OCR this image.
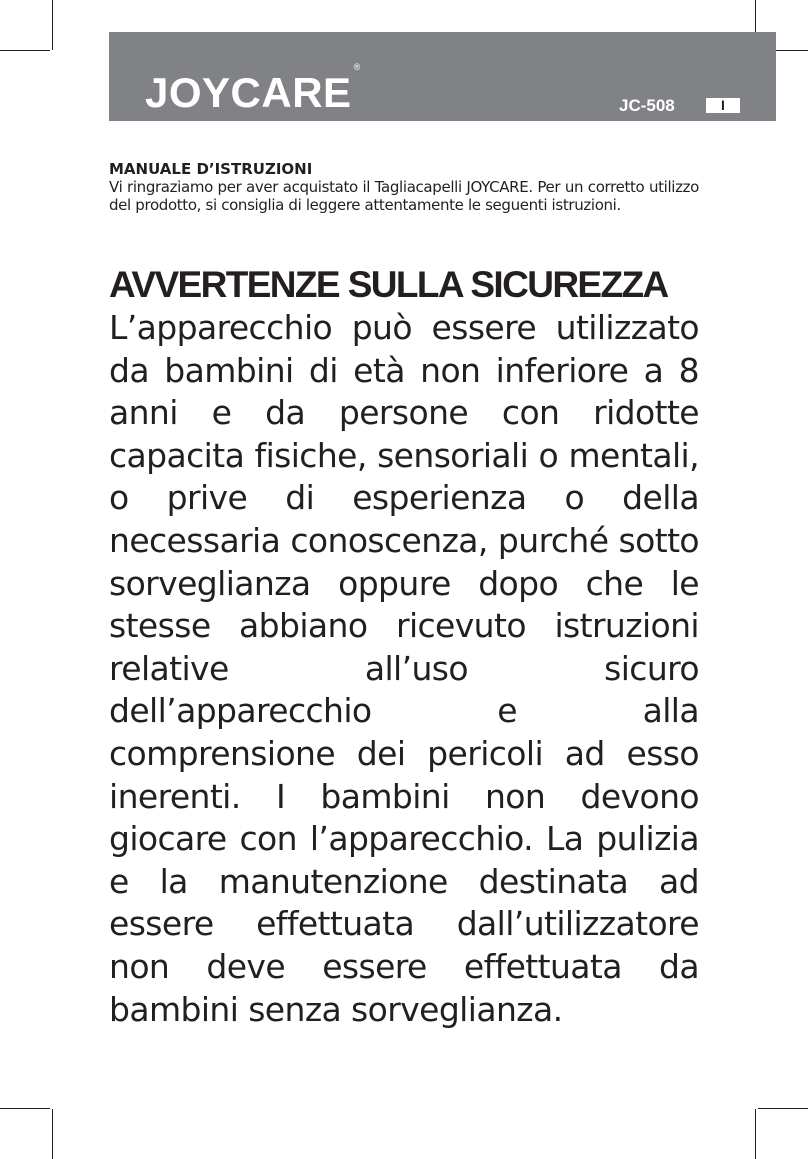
JOYCARE®
JC-508	I

MANUALE D’ISTRUZIONI

Vi ringraziamo per aver acquistato il Tagliacapelli JOYCARE. Per un corretto utilizzo del prodotto, si consiglia di leggere attentamente le seguenti istruzioni.

AVVERTENZE SULLA SICUREZZA

L’apparecchio può essere utilizzato da bambini di età non inferiore a 8 anni e da persone con ridotte capacita fisiche, sensoriali o mentali, o prive di esperienza o della necessaria conoscenza, purché sotto sorveglianza oppure dopo che le stesse abbiano ricevuto istruzioni relative all’uso sicuro dell’apparecchio e alla comprensione dei pericoli ad esso inerenti. I bambini non devono giocare con l’apparecchio. La pulizia e la manutenzione destinata ad essere effettuata dall’utilizzatore non deve essere effettuata da bambini senza sorveglianza.
